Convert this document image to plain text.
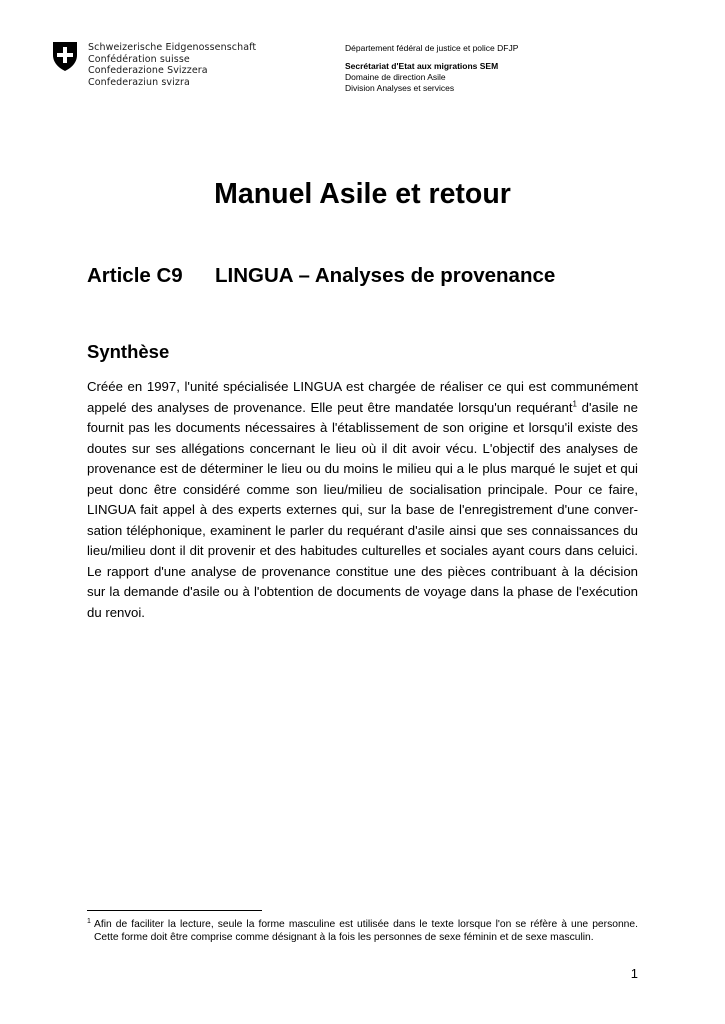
Schweizerische Eidgenossenschaft
Confédération suisse
Confederazione Svizzera
Confederaziun svizra
Département fédéral de justice et police DFJP
Secrétariat d'Etat aux migrations SEM
Domaine de direction Asile
Division Analyses et services
Manuel Asile et retour
Article C9 LINGUA – Analyses de provenance
Synthèse
Créée en 1997, l'unité spécialisée LINGUA est chargée de réaliser ce qui est communément appelé des analyses de provenance. Elle peut être mandatée lorsqu'un requérant$^1$ d'asile ne fournit pas les documents nécessaires à l'établissement de son origine et lorsqu'il existe des doutes sur ses allégations concernant le lieu où il dit avoir vécu. L'objectif des analyses de provenance est de déterminer le lieu ou du moins le milieu qui a le plus marqué le sujet et qui peut donc être considéré comme son lieu/milieu de socialisation principale. Pour ce faire, LINGUA fait appel à des experts externes qui, sur la base de l'enregistrement d'une conversation téléphonique, examinent le parler du requérant d'asile ainsi que ses connaissances du lieu/milieu dont il dit provenir et des habitudes culturelles et sociales ayant cours dans celuici. Le rapport d'une analyse de provenance constitue une des pièces contribuant à la décision sur la demande d'asile ou à l'obtention de documents de voyage dans la phase de l'exécution du renvoi.
1 Afin de faciliter la lecture, seule la forme masculine est utilisée dans le texte lorsque l'on se réfère à une personne. Cette forme doit être comprise comme désignant à la fois les personnes de sexe féminin et de sexe masculin.
1
